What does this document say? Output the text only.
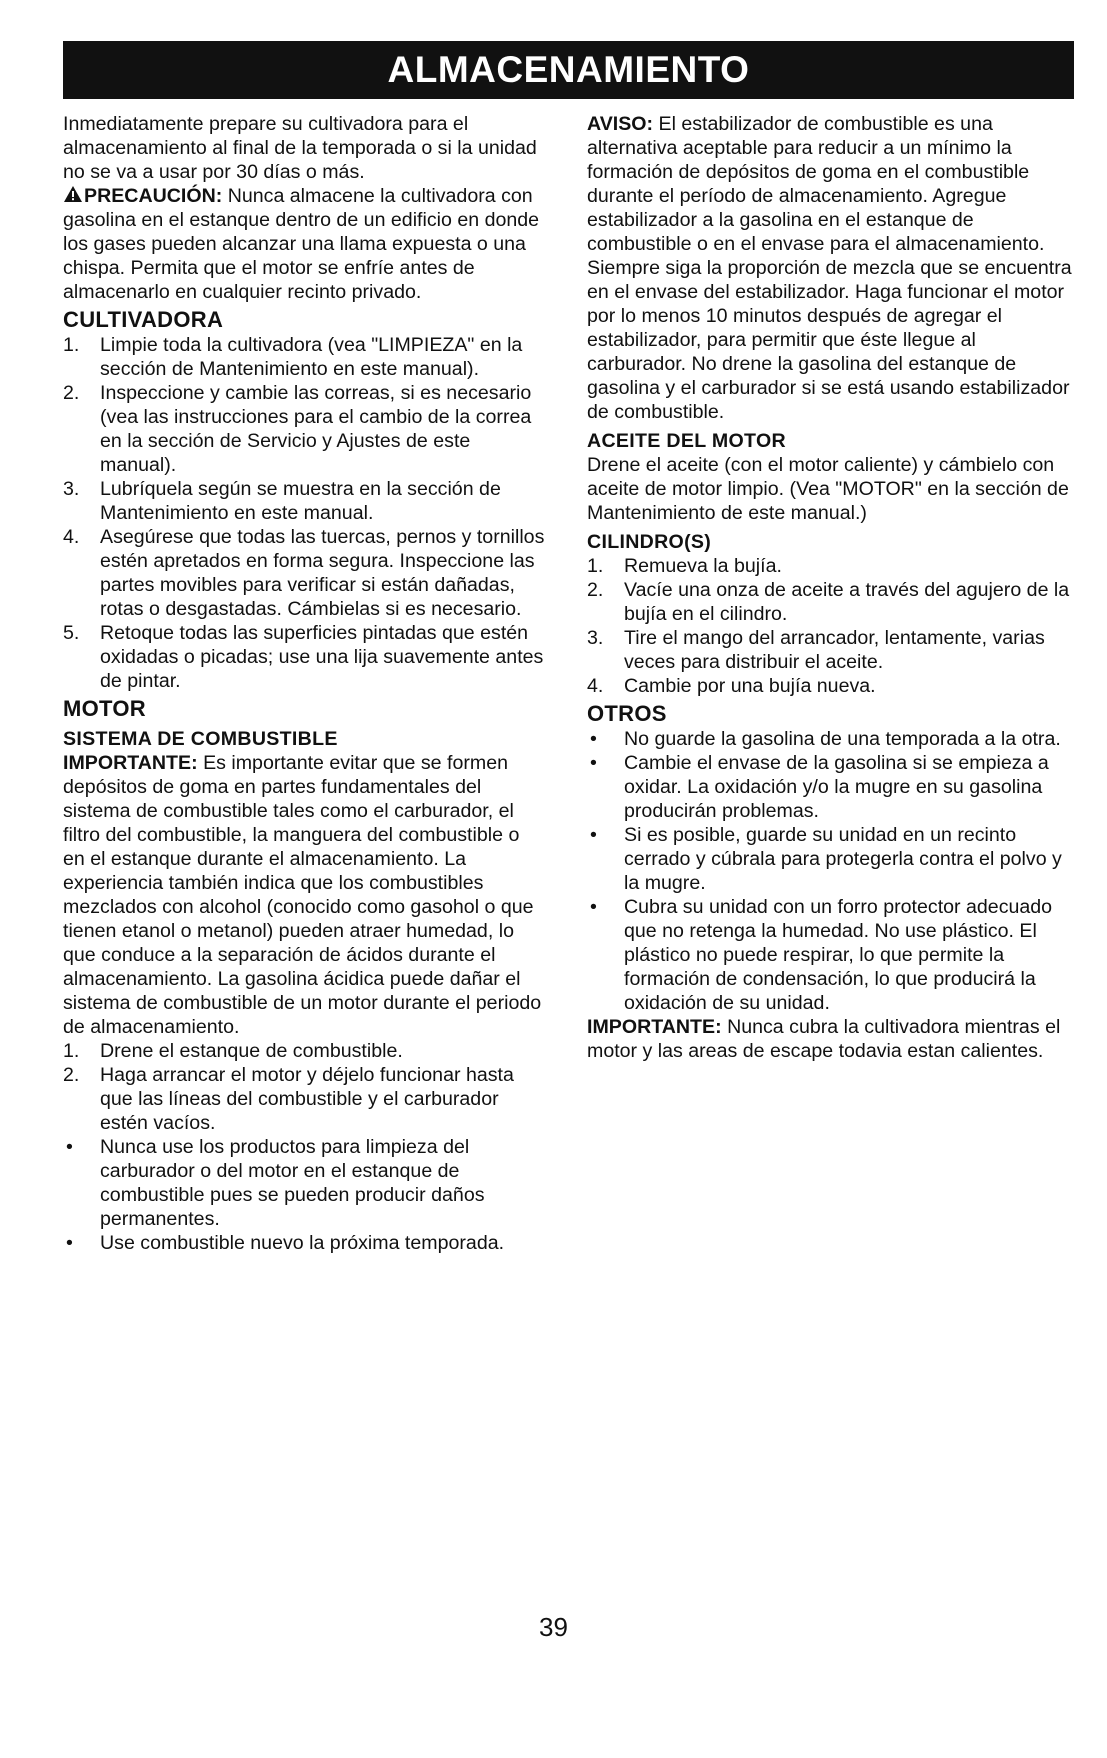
ALMACENAMIENTO

Inmediatamente prepare su cultivadora para el almacenamiento al final de la temporada o si la unidad no se va a usar por 30 días o más.

PRECAUCIÓN: Nunca almacene la cultivadora con gasolina en el estanque dentro de un edificio en donde los gases pueden alcanzar una llama expuesta o una chispa. Permita que el motor se enfríe antes de almacenarlo en cualquier recinto privado.

CULTIVADORA
1.	Limpie toda la cultivadora (vea "LIMPIEZA" en la sección de Mantenimiento en este manual).
2.	Inspeccione y cambie las correas, si es necesario (vea las instrucciones para el cambio de la correa en la sección de Servicio y Ajustes de este manual).
3.	Lubríquela según se muestra en la sección de Mantenimiento en este manual.
4.	Asegúrese que todas las tuercas, pernos y tornillos estén apretados en forma segura. Inspeccione las partes movibles para verificar si están dañadas, rotas o desgastadas. Cámbielas si es necesario.
5.	Retoque todas las superficies pintadas que estén oxidadas o picadas; use una lija suavemente antes de pintar.
MOTOR
SISTEMA DE COMBUSTIBLE

IMPORTANTE: Es importante evitar que se formen depósitos de goma en partes fundamentales del sistema de combustible tales como el carburador, el filtro del combustible, la manguera del combustible o en el estanque durante el almacenamiento. La experiencia también indica que los combustibles mezclados con alcohol (conocido como gasohol o que tienen etanol o metanol) pueden atraer humedad, lo que conduce a la separación de ácidos durante el almacenamiento. La gasolina ácidica puede dañar el sistema de combustible de un motor durante el periodo de almacenamiento.

1.	Drene el estanque de combustible.
2.	Haga arrancar el motor y déjelo funcionar hasta que las líneas del combustible y el carburador estén vacíos.
• Nunca use los productos para limpieza del carburador o del motor en el estanque de combustible pues se pueden producir daños permanentes.
• Use combustible nuevo la próxima temporada.

AVISO: El estabilizador de combustible es una alternativa aceptable para reducir a un mínimo la formación de depósitos de goma en el combustible durante el período de almacenamiento. Agregue estabilizador a la gasolina en el estanque de combustible o en el envase para el almacenamiento. Siempre siga la proporción de mezcla que se encuentra en el envase del estabilizador. Haga funcionar el motor por lo menos 10 minutos después de agregar el estabilizador, para permitir que éste llegue al carburador. No drene la gasolina del estanque de gasolina y el carburador si se está usando estabilizador de combustible.

ACEITE DEL MOTOR

Drene el aceite (con el motor caliente) y cámbielo con aceite de motor limpio. (Vea "MOTOR" en la sección de Mantenimiento de este manual.)

CILINDRO(S)
1.	Remueva la bujía.
2.	Vacíe una onza de aceite a través del agujero de la bujía en el cilindro.
3.	Tire el mango del arrancador, lentamente, varias veces para distribuir el aceite.
4.	Cambie por una bujía nueva.
OTROS
• No guarde la gasolina de una temporada a la otra.
• Cambie el envase de la gasolina si se empieza a oxidar. La oxidación y/o la mugre en su gasolina producirán problemas.
• Si es posible, guarde su unidad en un recinto cerrado y cúbrala para protegerla contra el polvo y la mugre.
• Cubra su unidad con un forro protector adecuado que no retenga la humedad. No use plástico. El plástico no puede respirar, lo que permite la formación de condensación, lo que producirá la oxidación de su unidad.

IMPORTANTE: Nunca cubra la cultivadora mientras el motor y las areas de escape todavia estan calientes.

39
